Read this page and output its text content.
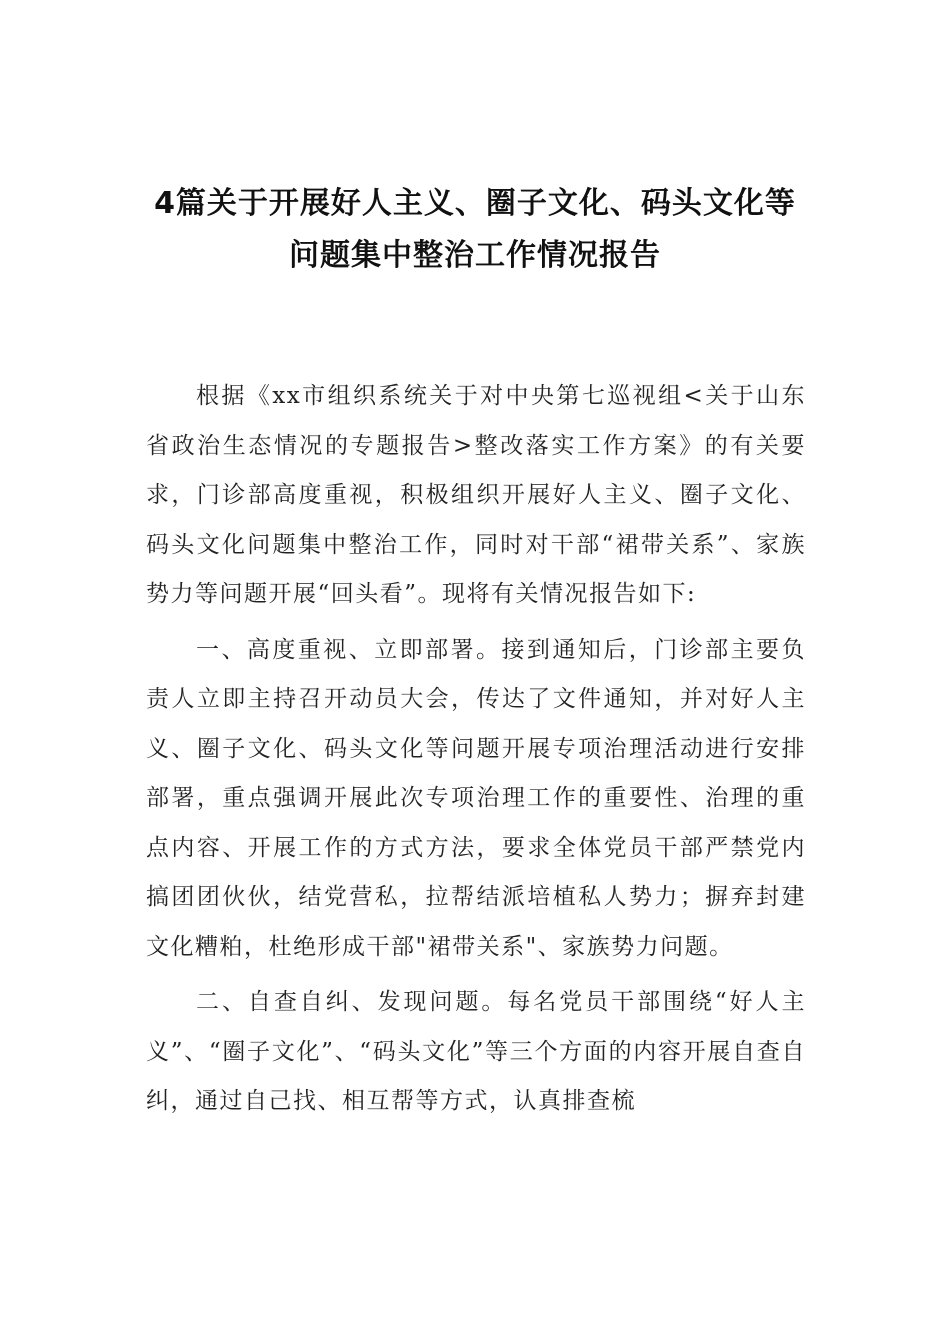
4篇关于开展好人主义、圈子文化、码头文化等
问题集中整治工作情况报告

根据《xx市组织系统关于对中央第七巡视组<关于山东省政治生态情况的专题报告>整改落实工作方案》的有关要求，门诊部高度重视，积极组织开展好人主义、圈子文化、码头文化问题集中整治工作，同时对干部“裙带关系”、家族势力等问题开展“回头看”。现将有关情况报告如下:

一、高度重视、立即部署。接到通知后，门诊部主要负责人立即主持召开动员大会，传达了文件通知，并对好人主义、圈子文化、码头文化等问题开展专项治理活动进行安排部署，重点强调开展此次专项治理工作的重要性、治理的重点内容、开展工作的方式方法，要求全体党员干部严禁党内搞团团伙伙，结党营私，拉帮结派培植私人势力；摒弃封建文化糟粕，杜绝形成干部"裙带关系"、家族势力问题。

二、自查自纠、发现问题。每名党员干部围绕“好人主义”、“圈子文化”、“码头文化”等三个方面的内容开展自查自纠，通过自己找、相互帮等方式，认真排查梳
